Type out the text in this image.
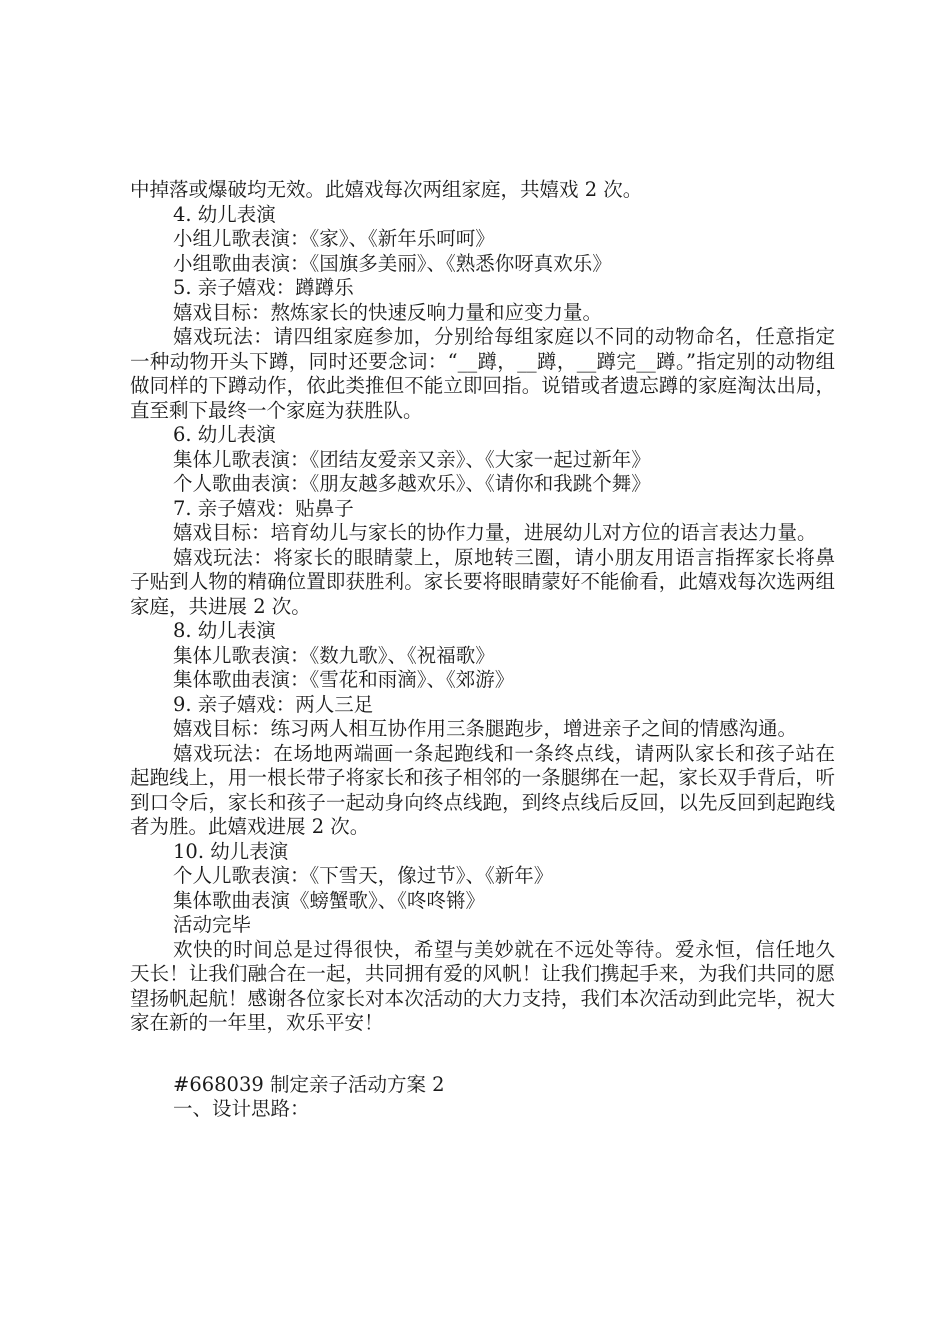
中掉落或爆破均无效。此嬉戏每次两组家庭，共嬉戏 2 次。

4. 幼儿表演

小组儿歌表演：《家》、《新年乐呵呵》

小组歌曲表演：《国旗多美丽》、《熟悉你呀真欢乐》

5. 亲子嬉戏：蹲蹲乐

嬉戏目标：熬炼家长的快速反响力量和应变力量。

嬉戏玩法：请四组家庭参加，分别给每组家庭以不同的动物命名，任意指定一种动物开头下蹲，同时还要念词：“__蹲，__蹲，__蹲完__蹲。”指定别的动物组做同样的下蹲动作，依此类推但不能立即回指。说错或者遗忘蹲的家庭淘汰出局，直至剩下最终一个家庭为获胜队。

6. 幼儿表演

集体儿歌表演：《团结友爱亲又亲》、《大家一起过新年》

个人歌曲表演：《朋友越多越欢乐》、《请你和我跳个舞》

7. 亲子嬉戏：贴鼻子

嬉戏目标：培育幼儿与家长的协作力量，进展幼儿对方位的语言表达力量。

嬉戏玩法：将家长的眼睛蒙上，原地转三圈，请小朋友用语言指挥家长将鼻子贴到人物的精确位置即获胜利。家长要将眼睛蒙好不能偷看，此嬉戏每次选两组家庭，共进展 2 次。

8. 幼儿表演

集体儿歌表演：《数九歌》、《祝福歌》

集体歌曲表演：《雪花和雨滴》、《郊游》

9. 亲子嬉戏：两人三足

嬉戏目标：练习两人相互协作用三条腿跑步，增进亲子之间的情感沟通。

嬉戏玩法：在场地两端画一条起跑线和一条终点线，请两队家长和孩子站在起跑线上，用一根长带子将家长和孩子相邻的一条腿绑在一起，家长双手背后，听到口令后，家长和孩子一起动身向终点线跑，到终点线后反回，以先反回到起跑线者为胜。此嬉戏进展 2 次。

10. 幼儿表演

个人儿歌表演：《下雪天，像过节》、《新年》

集体歌曲表演《螃蟹歌》、《咚咚锵》

活动完毕

欢快的时间总是过得很快，希望与美妙就在不远处等待。爱永恒，信任地久天长！让我们融合在一起，共同拥有爱的风帆！让我们携起手来，为我们共同的愿望扬帆起航！感谢各位家长对本次活动的大力支持，我们本次活动到此完毕，祝大家在新的一年里，欢乐平安！

#668039 制定亲子活动方案 2

一、设计思路：
